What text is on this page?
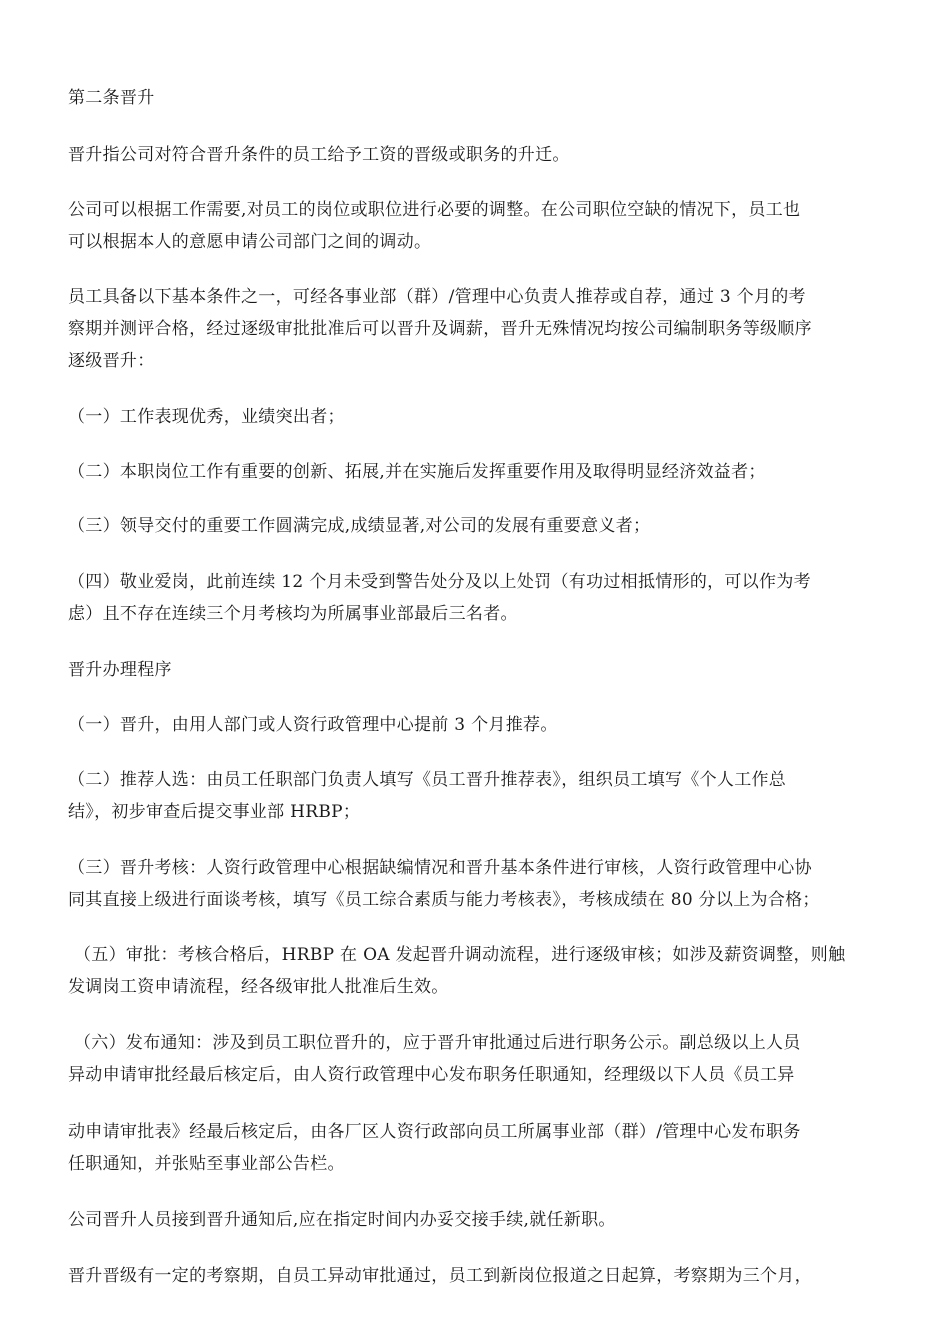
第二条晋升
晋升指公司对符合晋升条件的员工给予工资的晋级或职务的升迁。
公司可以根据工作需要,对员工的岗位或职位进行必要的调整。在公司职位空缺的情况下，员工也
可以根据本人的意愿申请公司部门之间的调动。
员工具备以下基本条件之一，可经各事业部（群）/管理中心负责人推荐或自荐，通过 3 个月的考
察期并测评合格，经过逐级审批批准后可以晋升及调薪，晋升无殊情况均按公司编制职务等级顺序
逐级晋升：
（一）工作表现优秀，业绩突出者；
（二）本职岗位工作有重要的创新、拓展,并在实施后发挥重要作用及取得明显经济效益者；
（三）领导交付的重要工作圆满完成,成绩显著,对公司的发展有重要意义者；
（四）敬业爱岗，此前连续 12 个月未受到警告处分及以上处罚（有功过相抵情形的，可以作为考
虑）且不存在连续三个月考核均为所属事业部最后三名者。
晋升办理程序
（一）晋升，由用人部门或人资行政管理中心提前 3 个月推荐。
（二）推荐人选：由员工任职部门负责人填写《员工晋升推荐表》，组织员工填写《个人工作总
结》，初步审查后提交事业部 HRBP；
（三）晋升考核：人资行政管理中心根据缺编情况和晋升基本条件进行审核，人资行政管理中心协
同其直接上级进行面谈考核，填写《员工综合素质与能力考核表》，考核成绩在 80 分以上为合格；
（五）审批：考核合格后，HRBP 在 OA 发起晋升调动流程，进行逐级审核；如涉及薪资调整，则触
发调岗工资申请流程，经各级审批人批准后生效。
（六）发布通知：涉及到员工职位晋升的，应于晋升审批通过后进行职务公示。副总级以上人员
异动申请审批经最后核定后，由人资行政管理中心发布职务任职通知，经理级以下人员《员工异
动申请审批表》经最后核定后，由各厂区人资行政部向员工所属事业部（群）/管理中心发布职务
任职通知，并张贴至事业部公告栏。
公司晋升人员接到晋升通知后,应在指定时间内办妥交接手续,就任新职。
晋升晋级有一定的考察期，自员工异动审批通过，员工到新岗位报道之日起算，考察期为三个月，
